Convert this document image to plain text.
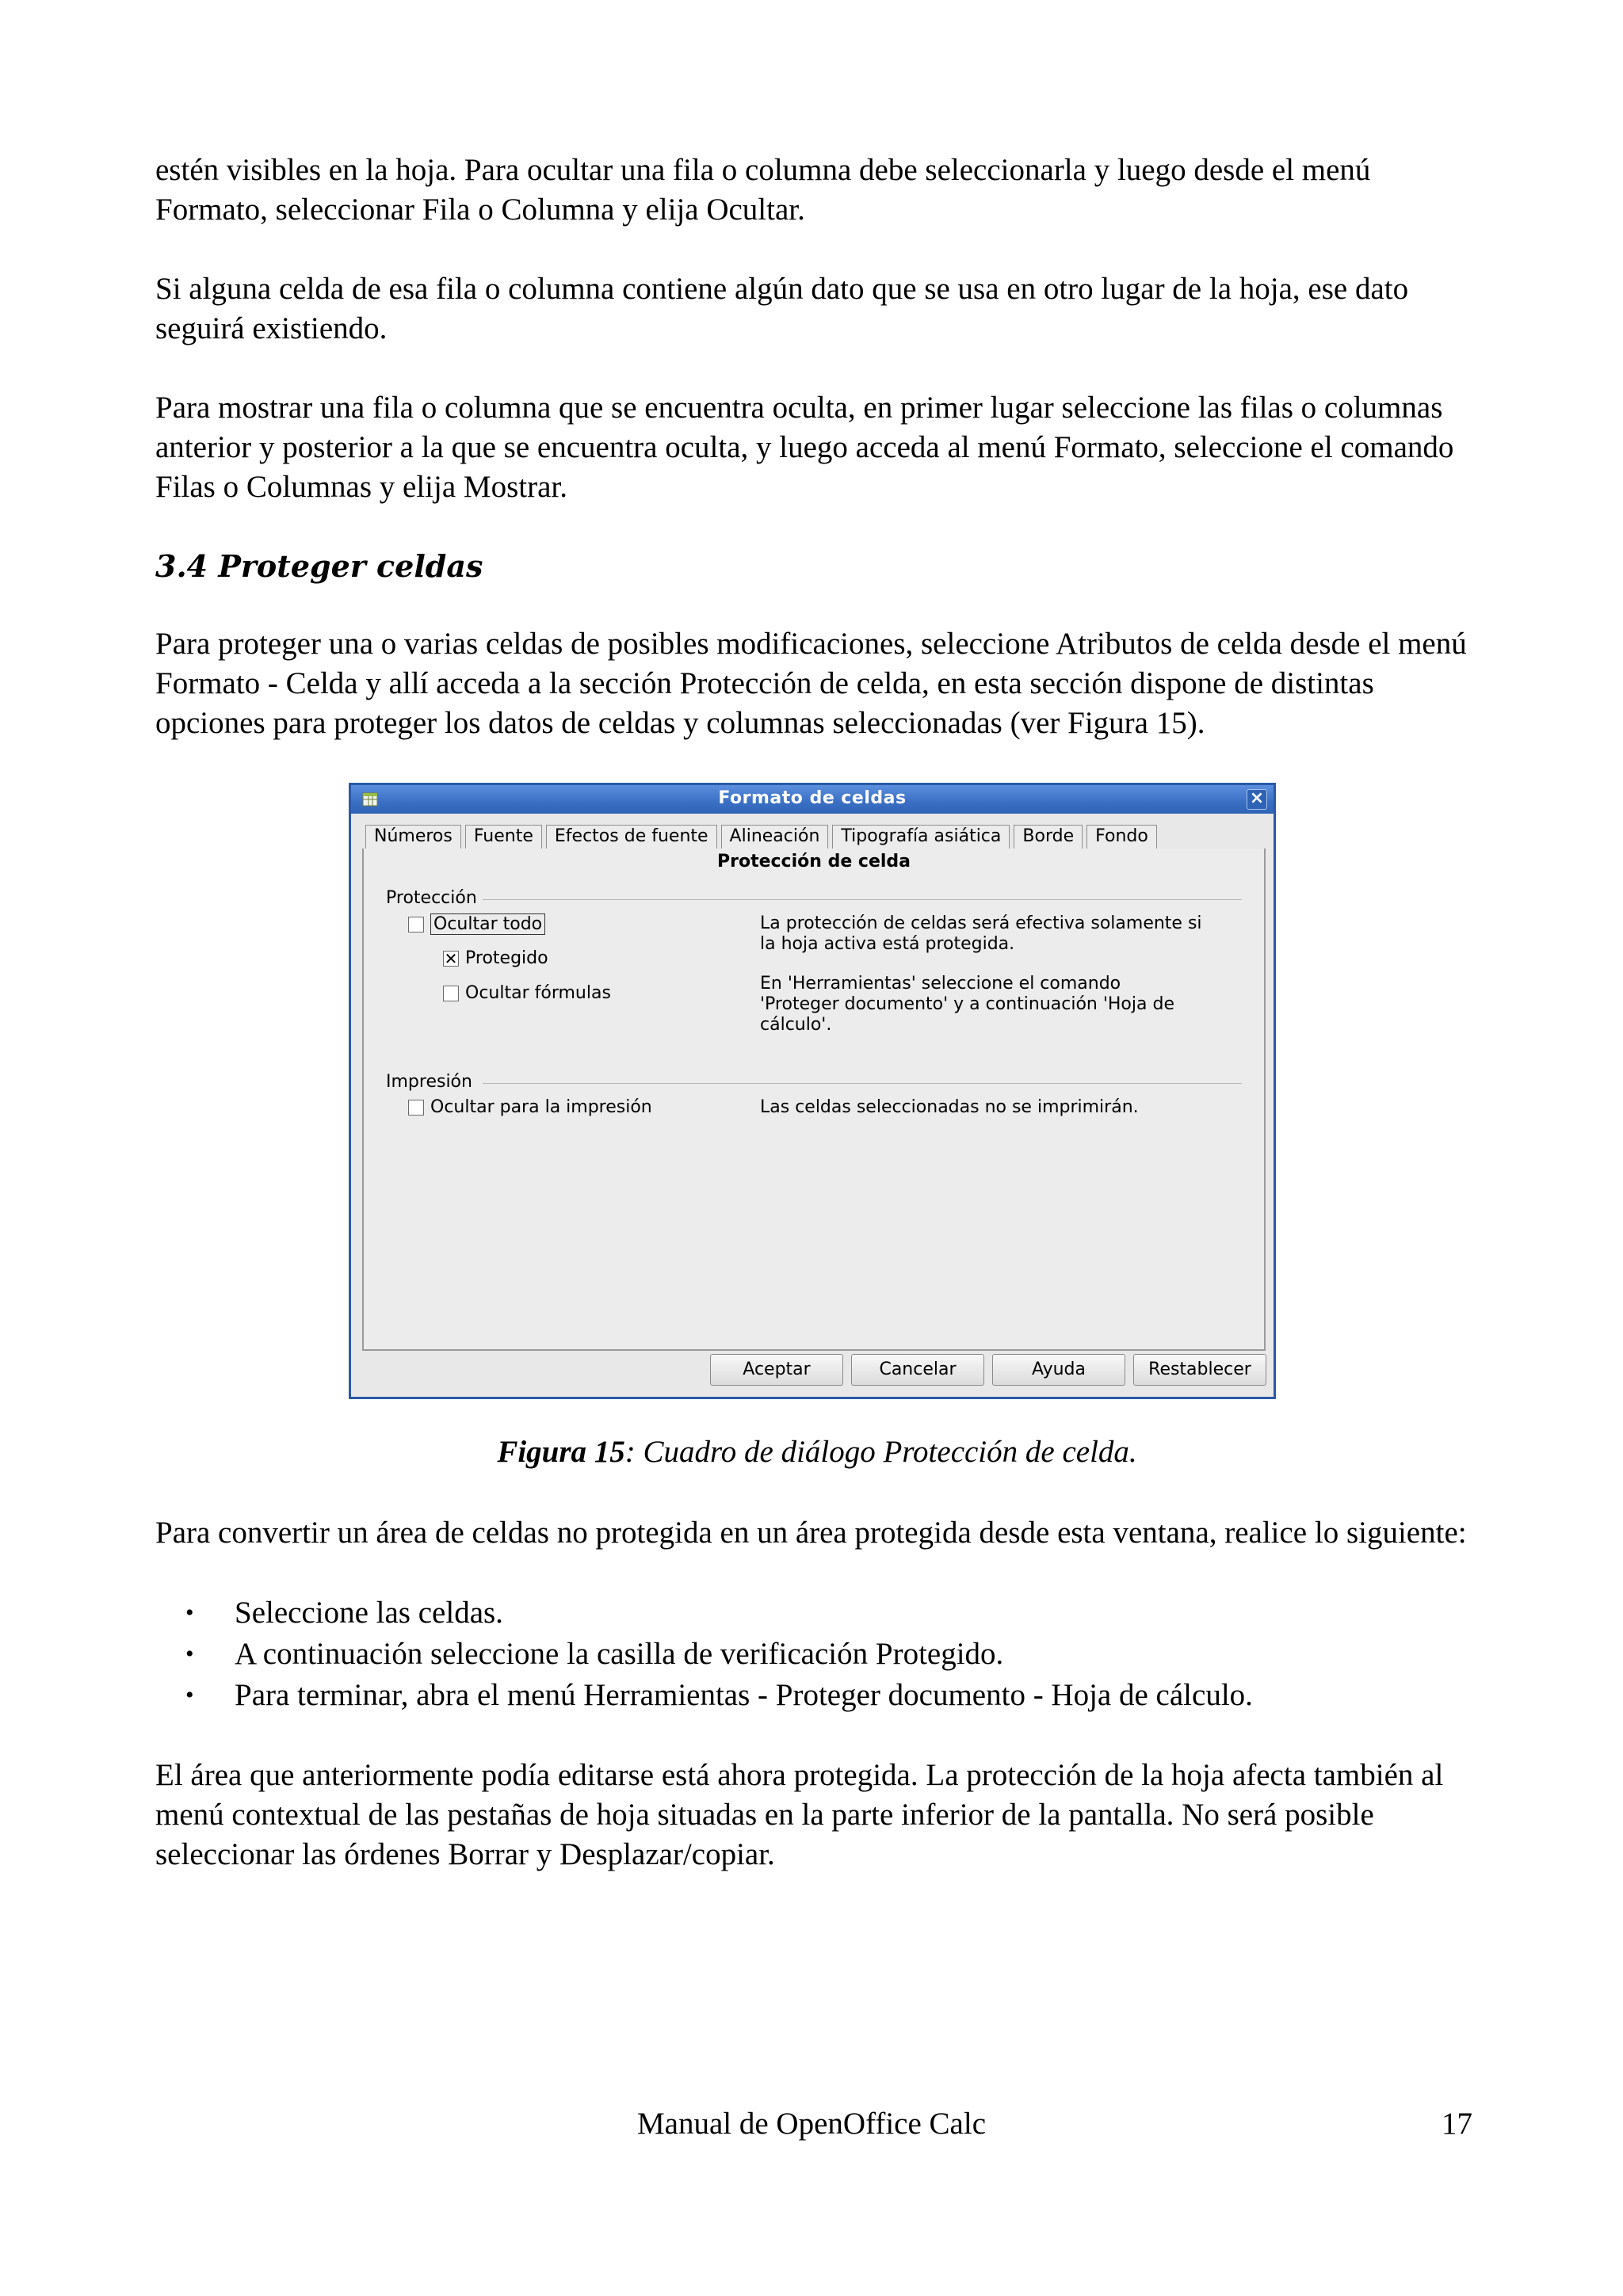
estén visibles en la hoja. Para ocultar una fila o columna debe seleccionarla y luego desde el menú Formato, seleccionar Fila o Columna y elija Ocultar.

Si alguna celda de esa fila o columna contiene algún dato que se usa en otro lugar de la hoja, ese dato seguirá existiendo.

Para mostrar una fila o columna que se encuentra oculta, en primer lugar seleccione las filas o columnas anterior y posterior a la que se encuentra oculta, y luego acceda al menú Formato, seleccione el comando Filas o Columnas y elija Mostrar.

3.4 Proteger celdas

Para proteger una o varias celdas de posibles modificaciones, seleccione Atributos de celda desde el menú Formato - Celda y allí acceda a la sección Protección de celda, en esta sección dispone de distintas opciones para proteger los datos de celdas y columnas seleccionadas (ver Figura 15).

Formato de celdas	×
Números	Fuente	Efectos de fuente	Alineación	Tipografía asiática	Borde	Fondo
Protección de celda
Protección
Ocultar todo
✕ Protegido
Ocultar fórmulas
La protección de celdas será efectiva solamente si
la hoja activa está protegida.
En 'Herramientas' seleccione el comando
'Proteger documento' y a continuación 'Hoja de
cálculo'.
Impresión
Ocultar para la impresión	Las celdas seleccionadas no se imprimirán.
Aceptar	Cancelar	Ayuda	Restablecer

Figura 15: Cuadro de diálogo Protección de celda.

Para convertir un área de celdas no protegida en un área protegida desde esta ventana, realice lo siguiente:

• Seleccione las celdas.
• A continuación seleccione la casilla de verificación Protegido.
• Para terminar, abra el menú Herramientas - Proteger documento - Hoja de cálculo.

El área que anteriormente podía editarse está ahora protegida. La protección de la hoja afecta también al menú contextual de las pestañas de hoja situadas en la parte inferior de la pantalla. No será posible seleccionar las órdenes Borrar y Desplazar/copiar.

Manual de OpenOffice Calc	17
